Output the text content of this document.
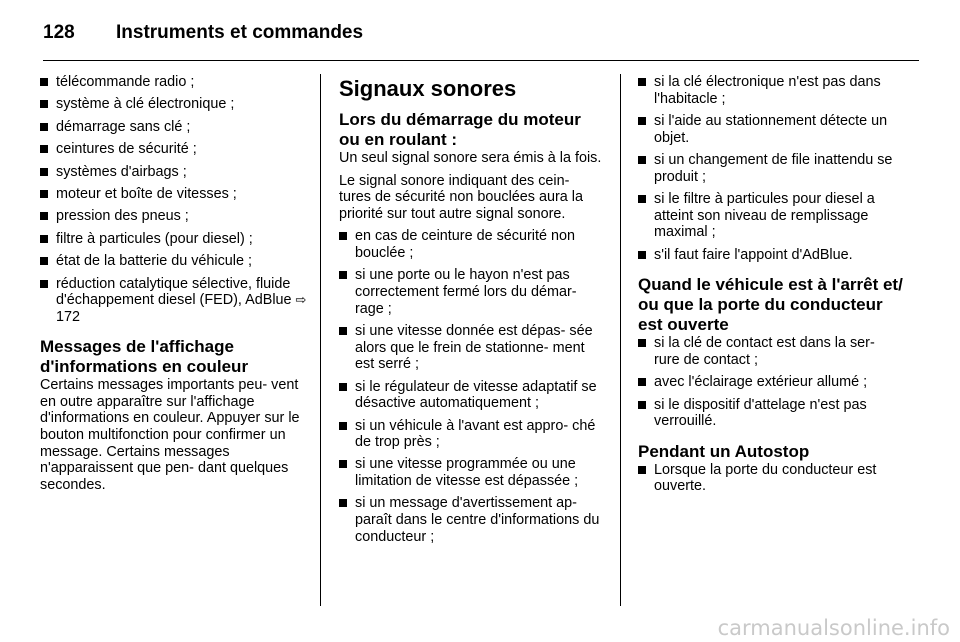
128 Instruments et commandes
télécommande radio ;
système à clé électronique ;
démarrage sans clé ;
ceintures de sécurité ;
systèmes d'airbags ;
moteur et boîte de vitesses ;
pression des pneus ;
filtre à particules (pour diesel) ;
état de la batterie du véhicule ;
réduction catalytique sélective, fluide d'échappement diesel (FED), AdBlue ⇨ 172
Messages de l'affichage d'informations en couleur

Certains messages importants peu- vent en outre apparaître sur l'affichage d'informations en couleur. Appuyer sur le bouton multifonction pour confirmer un message. Certains messages n'apparaissent que pen- dant quelques secondes.

Signaux sonores
Lors du démarrage du moteur ou en roulant :

Un seul signal sonore sera émis à la fois.

Le signal sonore indiquant des cein- tures de sécurité non bouclées aura la priorité sur tout autre signal sonore.

en cas de ceinture de sécurité non bouclée ;
si une porte ou le hayon n'est pas correctement fermé lors du démar- rage ;
si une vitesse donnée est dépas- sée alors que le frein de stationne- ment est serré ;
si le régulateur de vitesse adaptatif se désactive automatiquement ;
si un véhicule à l'avant est appro- ché de trop près ;
si une vitesse programmée ou une limitation de vitesse est dépassée ;
si un message d'avertissement ap- paraît dans le centre d'informations du conducteur ;
si la clé électronique n'est pas dans l'habitacle ;
si l'aide au stationnement détecte un objet.
si un changement de file inattendu se produit ;
si le filtre à particules pour diesel a atteint son niveau de remplissage maximal ;
s'il faut faire l'appoint d'AdBlue.
Quand le véhicule est à l'arrêt et/ ou que la porte du conducteur est ouverte
si la clé de contact est dans la ser- rure de contact ;
avec l'éclairage extérieur allumé ;
si le dispositif d'attelage n'est pas verrouillé.
Pendant un Autostop
Lorsque la porte du conducteur est ouverte.
carmanualsonline.info
